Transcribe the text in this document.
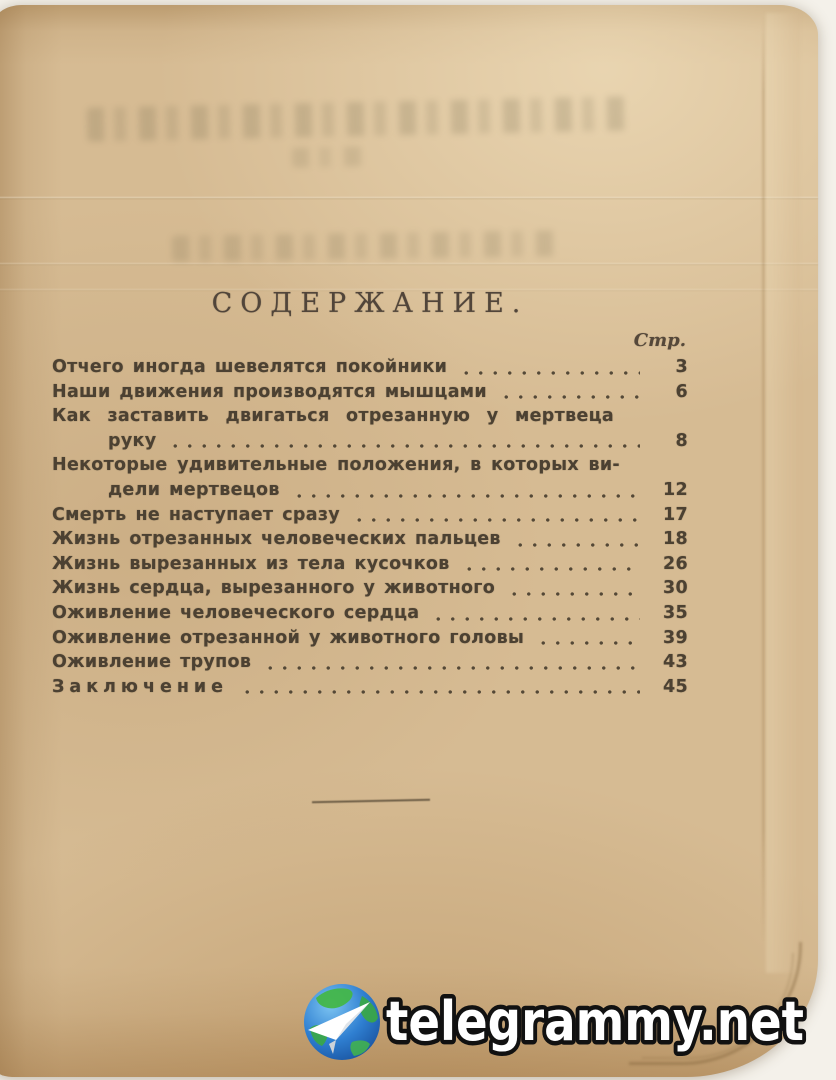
СОДЕРЖАНИЕ.
Стр.
Отчего иногда шевелятся покойники	3
Наши движения производятся мышцами	6
Как заставить двигаться отрезанную у мертвеца
руку	8
Некоторые удивительные положения, в которых ви-
дели мертвецов	12
Смерть не наступает сразу	17
Жизнь отрезанных человеческих пальцев	18
Жизнь вырезанных из тела кусочков	26
Жизнь сердца, вырезанного у животного	30
Оживление человеческого сердца	35
Оживление отрезанной у животного головы	39
Оживление трупов	43
Заключение	45
telegrammy.net
